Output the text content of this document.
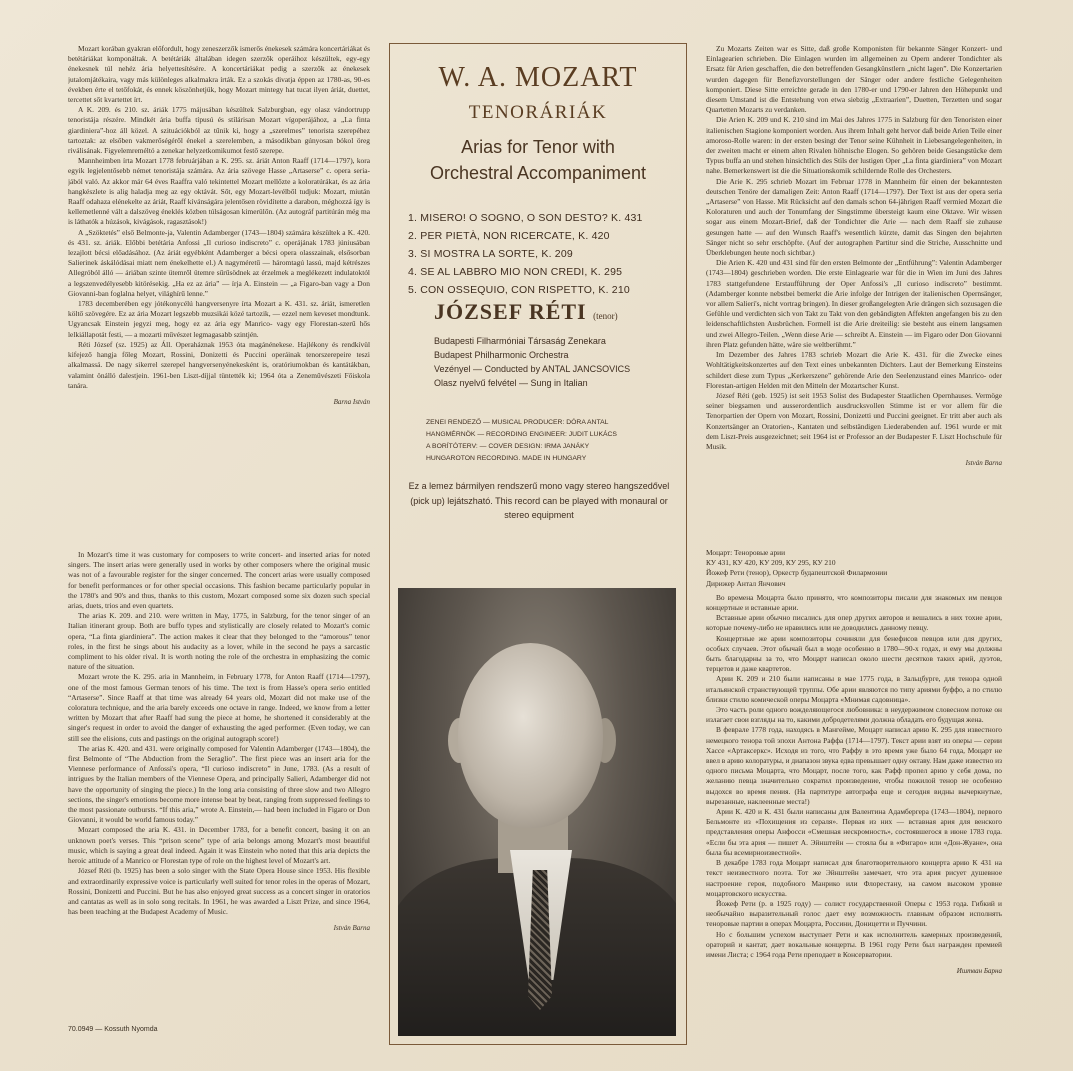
Mozart korában gyakran előfordult, hogy zeneszerzők ismerős énekesek számára koncertáriákat és betétáriákat komponáltak. A betétáriák általában idegen szerzők operáihoz készültek, egy-egy énekesnek túl nehéz ária helyettesítésére. A koncertáriákat pedig a szerzők az énekesek jutalomjátékaira, vagy más különleges alkalmakra írták. Ez a szokás divatja éppen az 1780-as, 90-es években érte el tetőfokát, és ennek köszönhetjük, hogy Mozart mintegy hat tucat ilyen áriát, duettet, tercettet sőt kvartettet írt.

A K. 209. és 210. sz. áriák 1775 májusában készültek Salzburgban, egy olasz vándortrupp tenoristája részére. Mindkét ária buffa típusú és stílárisan Mozart vígoperájához, a „La finta giardiniera”-hoz áll közel. A szituációkból az tűnik ki, hogy a „szerelmes” tenorista szerepéhez tartoztak: az elsőben vakmerőségéről énekel a szerelemben, a másodikban gúnyosan bókol öreg riválisának. Figyelemreméltó a zenekar helyzetkomikumot festő szerepe.

Mannheimben írta Mozart 1778 februárjában a K. 295. sz. áriát Anton Raaff (1714—1797), kora egyik legjelentősebb német tenoristája számára. Az ária szövege Hasse „Artaserse” c. opera seria-jából való. Az akkor már 64 éves Raaffra való tekintettel Mozart mellőzte a koloratúrákat, és az ária hangkészlete is alig haladja meg az egy oktávát. Sőt, egy Mozart-levélből tudjuk: Mozart, miután Raaff odahaza elénekelte az áriát, Raaff kívánságára jelentősen rövidítette a darabon, méghozzá így is kellemetlenné vált a dalszöveg éneklés közben túlságosan kimerülőn. (Az autográf partitúrán még ma is láthatók a húzások, kivágások, ragasztások!)

A „Szöktetés” első Belmonte-ja, Valentin Adamberger (1743—1804) számára készültek a K. 420. és 431. sz. áriák. Előbbi betétária Anfossi „Il curioso indiscreto” c. operájának 1783 júniusában lezajlott bécsi előadásához. (Az áriát egyébként Adamberger a bécsi opera olasszainak, elsősorban Salierinek áskálódásai miatt nem énekelhette el.) A nagyméretű — háromtagú lassú, majd kétrészes Allegróból álló — áriában szinte ütemről ütemre sűrűsödnek az érzelmek a meglékezett indulatoktól a legszenvedélyesebb kitörésekig. „Ha ez az ária” — írja A. Einstein — „a Figaro-ban vagy a Don Giovanni-ban foglalna helyet, világhírű lenne.”

1783 decemberében egy jótékonycélú hangversenyre írta Mozart a K. 431. sz. áriát, ismeretlen költő szövegére. Ez az ária Mozart legszebb muzsikái közé tartozik, — ezzel nem keveset mondtunk. Ugyancsak Einstein jegyzi meg, hogy ez az ária egy Manrico- vagy egy Florestan-szerű hős lelkiállapotát festi, — a mozarti művészet legmagasabb szintjén.

Réti József (sz. 1925) az Áll. Operaháznak 1953 óta magánénekese. Hajlékony és rendkívül kifejező hangja főleg Mozart, Rossini, Donizetti és Puccini operáinak tenorszerepeire teszi alkalmassá. De nagy sikerrel szerepel hangversenyénekesként is, oratóriumokban és kantátákban, valamint önálló dalestjein. 1961-ben Liszt-díjjal tüntették ki; 1964 óta a Zeneművészeti Főiskola tanára.

Barna István

In Mozart's time it was customary for composers to write concert- and inserted arias for noted singers. The insert arias were generally used in works by other composers where the original music was not of a favourable register for the singer concerned. The concert arias were usually composed for benefit performances or for other special occasions. This fashion became particularly popular in the 1780's and 90's and thus, thanks to this custom, Mozart composed some six dozen such special arias, duets, trios and even quartets.

The arias K. 209. and 210. were written in May, 1775, in Salzburg, for the tenor singer of an Italian itinerant group. Both are buffo types and stylistically are closely related to Mozart's comic opera, “La finta giardiniera”. The action makes it clear that they belonged to the “amorous” tenor roles, in the first he sings about his audacity as a lover, while in the second he pays a sarcastic compliment to his older rival. It is worth noting the role of the orchestra in emphasizing the comic nature of the situation.

Mozart wrote the K. 295. aria in Mannheim, in February 1778, for Anton Raaff (1714—1797), one of the most famous German tenors of his time. The text is from Hasse's opera serio entitled “Artaserse”. Since Raaff at that time was already 64 years old, Mozart did not make use of the coloratura technique, and the aria barely exceeds one octave in range. Indeed, we know from a letter written by Mozart that after Raaff had sung the piece at home, he shortened it considerably at the singer's request in order to avoid the danger of exhausting the aged performer. (Even today, we can still see the elisions, cuts and pastings on the original autograph score!)

The arias K. 420. and 431. were originally composed for Valentin Adamberger (1743—1804), the first Belmonte of “The Abduction from the Seraglio”. The first piece was an insert aria for the Viennese performance of Anfossi's opera, “Il curioso indiscreto” in June, 1783. (As a result of intrigues by the Italian members of the Viennese Opera, and principally Salieri, Adamberger did not have the opportunity of singing the piece.) In the long aria consisting of three slow and two Allegro sections, the singer's emotions become more intense beat by beat, ranging from suppressed feelings to the most passionate outbursts. “If this aria,” wrote A. Einstein,— had been included in Figaro or Don Giovanni, it would be world famous today.”

Mozart composed the aria K. 431. in December 1783, for a benefit concert, basing it on an unknown poet's verses. This “prison scene” type of aria belongs among Mozart's most beautiful music, which is saying a great deal indeed. Again it was Einstein who noted that this aria depicts the heroic attitude of a Manrico or Florestan type of role on the highest level of Mozart's art.

József Réti (b. 1925) has been a solo singer with the State Opera House since 1953. His flexible and extraordinarily expressive voice is particularly well suited for tenor roles in the operas of Mozart, Rossini, Donizetti and Puccini. But he has also enjoyed great success as a concert singer in oratorios and cantatas as well as in solo song recitals. In 1961, he was awarded a Liszt Prize, and since 1964, has been teaching at the Budapest Academy of Music.

István Barna
W. A. MOZART
TENORÁRIÁK
Arias for Tenor with
Orchestral Accompaniment
1. MISERO! O SOGNO, O SON DESTO? K. 431
2. PER PIETÀ, NON RICERCATE, K. 420
3. SI MOSTRA LA SORTE, K. 209
4. SE AL LABBRO MIO NON CREDI, K. 295
5. CON OSSEQUIO, CON RISPETTO, K. 210
JÓZSEF RÉTI (tenor)
Budapesti Filharmóniai Társaság Zenekara
Budapest Philharmonic Orchestra
Vezényel — Conducted by ANTAL JANCSOVICS
Olasz nyelvű felvétel — Sung in Italian
ZENEI RENDEZŐ — MUSICAL PRODUCER: DÓRA ANTAL
HANGMÉRNÖK — RECORDING ENGINEER: JUDIT LUKÁCS
A BORÍTÓTERV: — COVER DESIGN: IRMA JANÁKY
HUNGAROTON RECORDING. MADE IN HUNGARY
Ez a lemez bármilyen rendszerű mono vagy stereo hangszedővel (pick up) lejátszható. This record can be played with monaural or stereo equipment

Zu Mozarts Zeiten war es Sitte, daß große Komponisten für bekannte Sänger Konzert- und Einlagearien schrieben. Die Einlagen wurden im allgemeinen zu Opern anderer Tondichter als Ersatz für Arien geschaffen, die den betreffenden Gesangkünstlern „nicht lagen”. Die Konzertarien wurden dagegen für Benefizvorstellungen der Sänger oder andere festliche Gelegenheiten komponiert. Diese Sitte erreichte gerade in den 1780-er und 1790-er Jahren den Höhepunkt und diesem Umstand ist die Entstehung von etwa siebzig „Extraarien”, Duetten, Terzetten und sogar Quartetten Mozarts zu verdanken.

Die Arien K. 209 und K. 210 sind im Mai des Jahres 1775 in Salzburg für den Tenoristen einer italienischen Stagione komponiert worden. Aus ihrem Inhalt geht hervor daß beide Arien Teile einer amoroso-Rolle waren: in der ersten besingt der Tenor seine Kühnheit in Liebesangelegenheiten, in der zweiten macht er einem alten Rivalen höhnische Elogen. So gehören beide Gesangstücke dem Typus buffa an und stehen hinsichtlich des Stils der lustigen Oper „La finta giardiniera” von Mozart nahe. Bemerkenswert ist die die Situationskomik schildernde Rolle des Orchesters.

Die Arie K. 295 schrieb Mozart im Februar 1778 in Mannheim für einen der bekanntesten deutschen Tenöre der damaligen Zeit: Anton Raaff (1714—1797). Der Text ist aus der opera seria „Artaserse” von Hasse. Mit Rücksicht auf den damals schon 64-jährigen Raaff vermied Mozart die Koloraturen und auch der Tonumfang der Singstimme übersteigt kaum eine Oktave. Wir wissen sogar aus einem Mozart-Brief, daß der Tondichter die Arie — nach dem Raaff sie zuhause gesungen hatte — auf den Wunsch Raaff's wesentlich kürzte, damit das Singen den bejahrten Sänger nicht so sehr erschöpfte. (Auf der autographen Partitur sind die Striche, Ausschnitte und Überklebungen heute noch sichtbar.)

Die Arien K. 420 und 431 sind für den ersten Belmonte der „Entführung”: Valentin Adamberger (1743—1804) geschrieben worden. Die erste Einlagearie war für die in Wien im Juni des Jahres 1783 stattgefundene Erstaufführung der Oper Anfossi's „Il curioso indiscreto” bestimmt. (Adamberger konnte nebstbei bemerkt die Arie infolge der Intrigen der italienischen Opernsänger, vor allem Salieri's, nicht vortrag bringen). In dieser großangelegten Arie drängen sich sozusagen die Gefühle und verdichten sich von Takt zu Takt von den gebändigten Affekten angefangen bis zu den leidenschaftlichsten Ausbrüchen. Formell ist die Arie dreiteilig: sie besteht aus einem langsamen und zwei Allegro-Teilen. „Wenn diese Arie — schreibt A. Einstein — im Figaro oder Don Giovanni ihren Platz gefunden hätte, wäre sie weltberühmt.”

Im Dezember des Jahres 1783 schrieb Mozart die Arie K. 431. für die Zwecke eines Wohltätigkeitskonzertes auf den Text eines unbekannten Dichters. Laut der Bemerkung Einsteins schildert diese zum Typus „Kerkerszene” gehörende Arie den Seelenzustand eines Manrico- oder Florestan-artigen Helden mit den Mitteln der Mozartscher Kunst.

József Réti (geb. 1925) ist seit 1953 Solist des Budapester Staatlichen Opernhauses. Vermöge seiner biegsamen und ausserordentlich ausdrucksvollen Stimme ist er vor allem für die Tenorpartien der Opern von Mozart, Rossini, Donizetti und Puccini geeignet. Er tritt aber auch als Konzertsänger an Oratorien-, Kantaten und selbständigen Liederabenden auf. 1961 wurde er mit dem Liszt-Preis ausgezeichnet; seit 1964 ist er Professor an der Budapester F. Liszt Hochschule für Musik.

István Barna
Моцарт: Теноровые арии
КУ 431, КУ 420, КУ 209, КУ 295, КУ 210
Йожеф Рети (тенор), Оркестр будапештской Филармонии
Дирижер Антал Янчович

Во времена Моцарта было принято, что композиторы писали для знакомых им певцов концертные и вставные арии.

Вставные арии обычно писались для опер других авторов и вешались в них тохие арии, которые почему-либо не нравились или не доводились данному певцу.

Концертные же арии композиторы сочиняли для бенефисов певцов или для других, особых случаев. Этот обычай был в моде особенно в 1780—90-х годах, и ему мы должны быть благодарны за то, что Моцарт написал около шести десятков таких арий, дуэтов, терцетов и даже квартетов.

Арии К. 209 и 210 были написаны в мае 1775 года, в Зальцбурге, для тенора одной итальянской странствующей труппы. Обе арии являются по типу ариями буффо, а по стилю близки стилю комической оперы Моцарта «Мнимая садовница».

Это часть роли одного вожделяющегося любовника: в неудержимом словесном потоке он излагает свои взгляды на то, какими добродетелями должна обладать его будущая жена.

В феврале 1778 года, находясь в Мангейме, Моцарт написал арию К. 295 для известного немецкого тенора той эпохи Антона Раффа (1714—1797). Текст арии взят из оперы — серии Хассе «Артаксеркс». Исходя из того, что Раффу в это время уже было 64 года, Моцарт не ввел в арию колоратуры, и диапазон звука едва превышает одну октаву. Нам даже известно из одного письма Моцарта, что Моцарт, после того, как Рафф пропел арию у себя дома, по желанию певца значительно сократил произведение, чтобы пожилой тенор не особенно выдохся во время пения. (На партитуре автографа еще и сегодня видны вычеркнутые, вырезанные, наклеенные места!)

Арии К. 420 и К. 431 были написаны для Валентина Адамбергера (1743—1804), первого Бельмонте из «Похищения из сераля». Первая из них — вставная ария для венского представления оперы Анфосси «Смешная нескромность», состоявшегося в июне 1783 года. «Если бы эта ария — пишет А. Эйнштейн — стояла бы в «Фигаро» или «Дон-Жуане», она была бы всемирноизвестной».

В декабре 1783 года Моцарт написал для благотворительного концерта арию К 431 на текст неизвестного поэта. Тот же Эйнштейн замечает, что эта ария рисует душевное настроение героя, подобного Манрико или Флорестану, на самом высоком уровне моцартовского искусства.

Йожеф Рети (р. в 1925 году) — солист государственной Оперы с 1953 года. Гибкий и необычайно выразительный голос дает ему возможность главным образом исполнять теноровые партии в операх Моцарта, Россини, Доницетти и Пуччини.

Но с большим успехом выступает Рети и как исполнитель камерных произведений, ораторий и кантат, дает вокальные концерты. В 1961 году Рети был награжден премией имени Листа; с 1964 года Рети преподает в Консерватории.

Иштван Барна
70.0949 — Kossuth Nyomda
